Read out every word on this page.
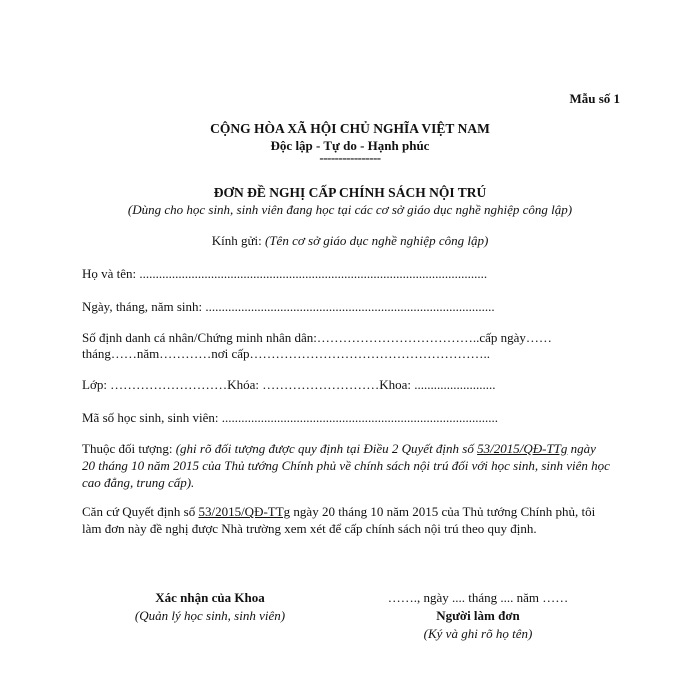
Mẫu số 1
CỘNG HÒA XÃ HỘI CHỦ NGHĨA VIỆT NAM
Độc lập - Tự do - Hạnh phúc
----------------
ĐƠN ĐỀ NGHỊ CẤP CHÍNH SÁCH NỘI TRÚ
(Dùng cho học sinh, sinh viên đang học tại các cơ sở giáo dục nghề nghiệp công lập)
Kính gửi: (Tên cơ sở giáo dục nghề nghiệp công lập)
Họ và tên: ...........................................................................................................
Ngày, tháng, năm sinh: .........................................................................................
Số định danh cá nhân/Chứng minh nhân dân:………………………………..cấp ngày……
tháng……năm…………nơi cấp………………………………………………..
Lớp: ………………………Khóa: ………………………Khoa: .........................
Mã số học sinh, sinh viên: .....................................................................................
Thuộc đối tượng: (ghi rõ đối tượng được quy định tại Điều 2 Quyết định số 53/2015/QĐ-TTg ngày 20 tháng 10 năm 2015 của Thủ tướng Chính phủ về chính sách nội trú đối với học sinh, sinh viên học cao đẳng, trung cấp).
Căn cứ Quyết định số 53/2015/QĐ-TTg ngày 20 tháng 10 năm 2015 của Thủ tướng Chính phủ, tôi làm đơn này đề nghị được Nhà trường xem xét để cấp chính sách nội trú theo quy định.
Xác nhận của Khoa
(Quản lý học sinh, sinh viên)
……., ngày .... tháng .... năm ……
Người làm đơn
(Ký và ghi rõ họ tên)
